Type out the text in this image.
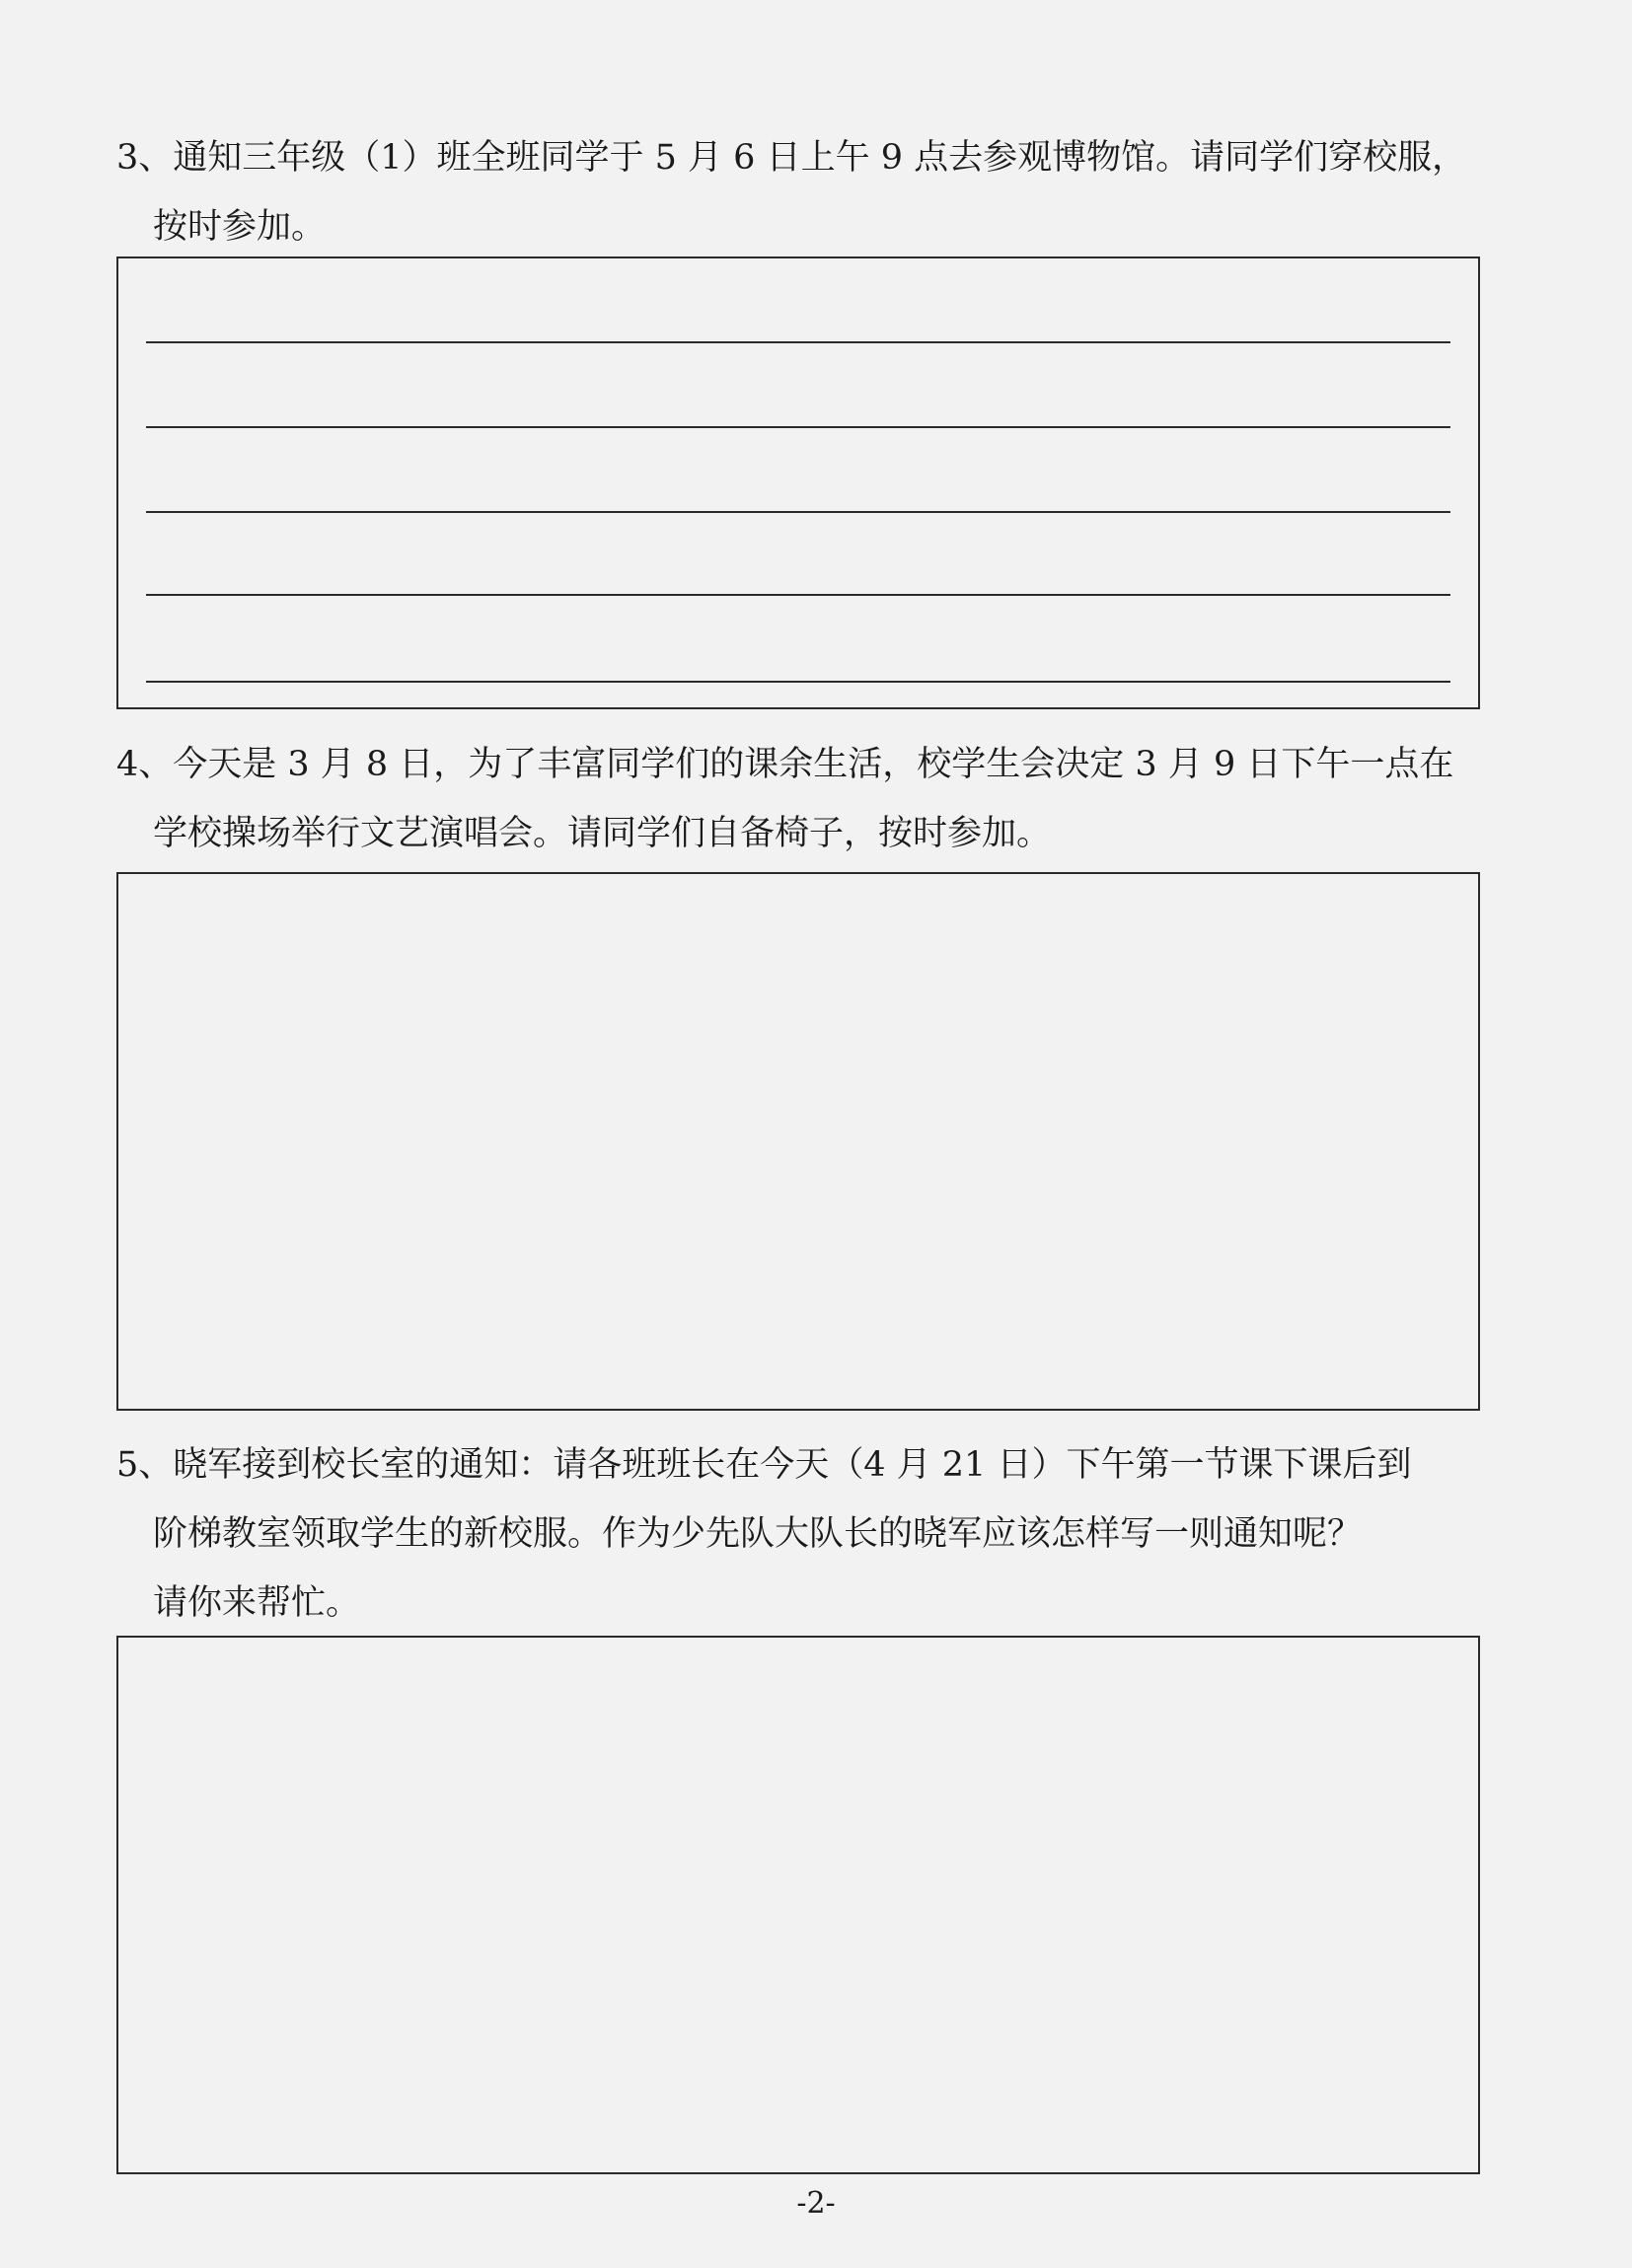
3、通知三年级（1）班全班同学于 5 月 6 日上午 9 点去参观博物馆。请同学们穿校服，
按时参加。
4、今天是 3 月 8 日，为了丰富同学们的课余生活，校学生会决定 3 月 9 日下午一点在
学校操场举行文艺演唱会。请同学们自备椅子，按时参加。
5、晓军接到校长室的通知：请各班班长在今天（4 月 21 日）下午第一节课下课后到
阶梯教室领取学生的新校服。作为少先队大队长的晓军应该怎样写一则通知呢？
请你来帮忙。
-2-
